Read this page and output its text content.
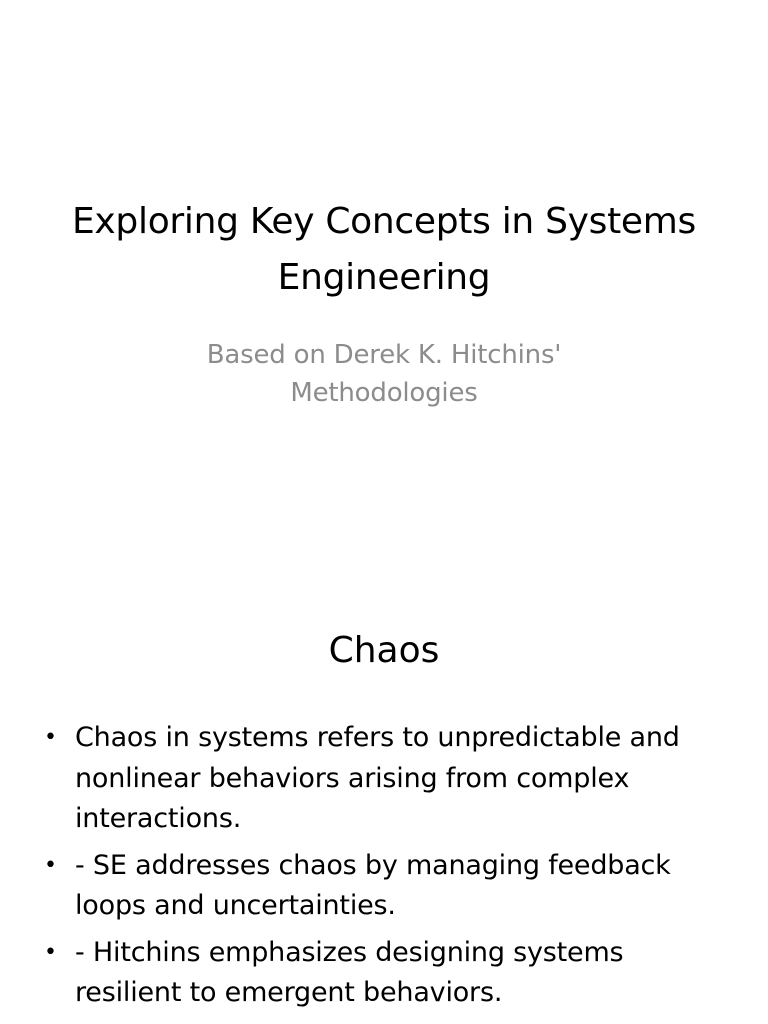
Exploring Key Concepts in Systems Engineering

Based on Derek K. Hitchins' Methodologies

Chaos
• Chaos in systems refers to unpredictable and nonlinear behaviors arising from complex interactions.
• - SE addresses chaos by managing feedback loops and uncertainties.
• - Hitchins emphasizes designing systems resilient to emergent behaviors.
